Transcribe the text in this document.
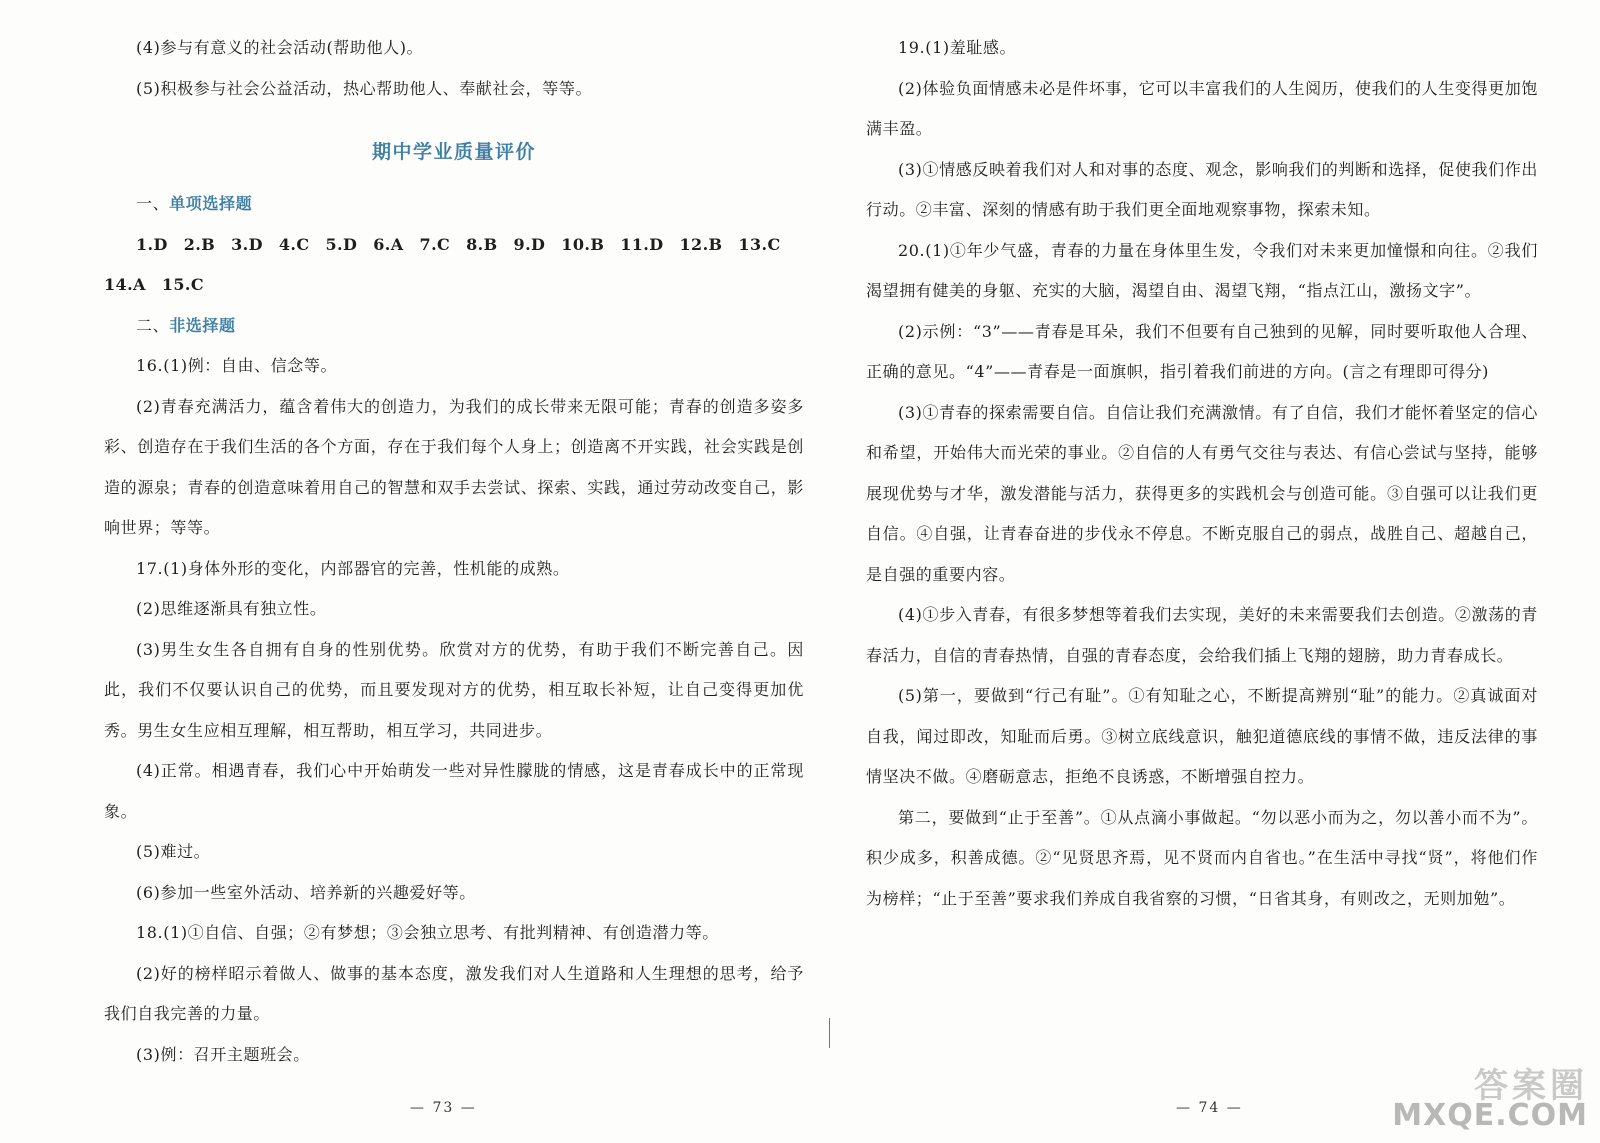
(4)参与有意义的社会活动(帮助他人)。

(5)积极参与社会公益活动，热心帮助他人、奉献社会，等等。

期中学业质量评价
一、单项选择题

1.D 2.B 3.D 4.C 5.D 6.A 7.C 8.B 9.D 10.B 11.D 12.B 13.C

14.A 15.C

二、非选择题

16.(1)例：自由、信念等。

(2)青春充满活力，蕴含着伟大的创造力，为我们的成长带来无限可能；青春的创造多姿多彩、创造存在于我们生活的各个方面，存在于我们每个人身上；创造离不开实践，社会实践是创造的源泉；青春的创造意味着用自己的智慧和双手去尝试、探索、实践，通过劳动改变自己，影响世界；等等。

17.(1)身体外形的变化，内部器官的完善，性机能的成熟。

(2)思维逐渐具有独立性。

(3)男生女生各自拥有自身的性别优势。欣赏对方的优势，有助于我们不断完善自己。因此，我们不仅要认识自己的优势，而且要发现对方的优势，相互取长补短，让自己变得更加优秀。男生女生应相互理解，相互帮助，相互学习，共同进步。

(4)正常。相遇青春，我们心中开始萌发一些对异性朦胧的情感，这是青春成长中的正常现象。

(5)难过。

(6)参加一些室外活动、培养新的兴趣爱好等。

18.(1)①自信、自强；②有梦想；③会独立思考、有批判精神、有创造潜力等。

(2)好的榜样昭示着做人、做事的基本态度，激发我们对人生道路和人生理想的思考，给予我们自我完善的力量。

(3)例：召开主题班会。

— 73 —

19.(1)羞耻感。

(2)体验负面情感未必是件坏事，它可以丰富我们的人生阅历，使我们的人生变得更加饱满丰盈。

(3)①情感反映着我们对人和对事的态度、观念，影响我们的判断和选择，促使我们作出行动。②丰富、深刻的情感有助于我们更全面地观察事物，探索未知。

20.(1)①年少气盛，青春的力量在身体里生发，令我们对未来更加憧憬和向往。②我们渴望拥有健美的身躯、充实的大脑，渴望自由、渴望飞翔，“指点江山，激扬文字”。

(2)示例：“3”——青春是耳朵，我们不但要有自己独到的见解，同时要听取他人合理、正确的意见。“4”——青春是一面旗帜，指引着我们前进的方向。(言之有理即可得分)

(3)①青春的探索需要自信。自信让我们充满激情。有了自信，我们才能怀着坚定的信心和希望，开始伟大而光荣的事业。②自信的人有勇气交往与表达、有信心尝试与坚持，能够展现优势与才华，激发潜能与活力，获得更多的实践机会与创造可能。③自强可以让我们更自信。④自强，让青春奋进的步伐永不停息。不断克服自己的弱点，战胜自己、超越自己，是自强的重要内容。

(4)①步入青春，有很多梦想等着我们去实现，美好的未来需要我们去创造。②激荡的青春活力，自信的青春热情，自强的青春态度，会给我们插上飞翔的翅膀，助力青春成长。

(5)第一，要做到“行己有耻”。①有知耻之心，不断提高辨别“耻”的能力。②真诚面对自我，闻过即改，知耻而后勇。③树立底线意识，触犯道德底线的事情不做，违反法律的事情坚决不做。④磨砺意志，拒绝不良诱惑，不断增强自控力。

第二，要做到“止于至善”。①从点滴小事做起。“勿以恶小而为之，勿以善小而不为”。积少成多，积善成德。②“见贤思齐焉，见不贤而内自省也。”在生活中寻找“贤”，将他们作为榜样；“止于至善”要求我们养成自我省察的习惯，“日省其身，有则改之，无则加勉”。

— 74 —
答案圈
MXQE.COM
